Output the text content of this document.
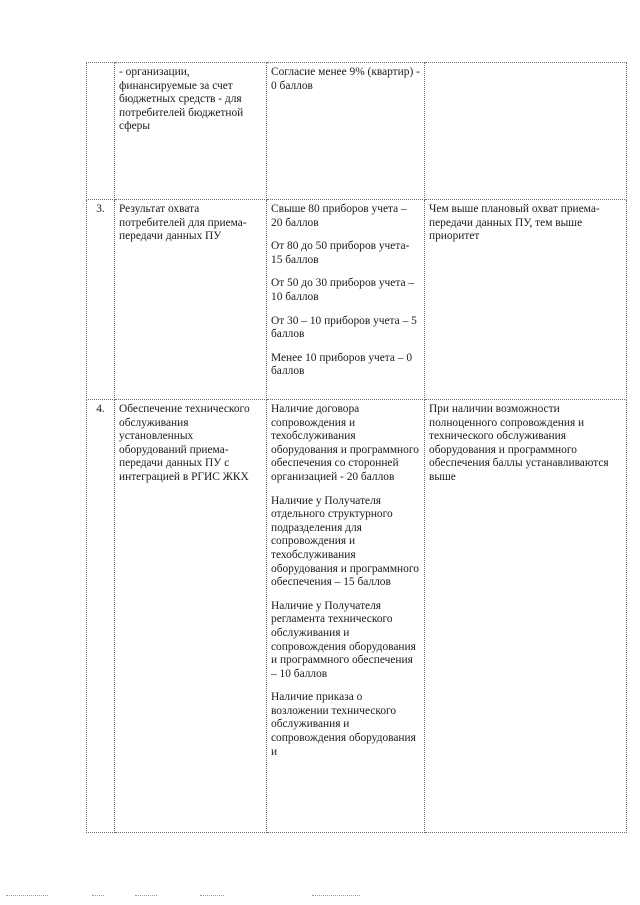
	- организации, финансируемые за счет бюджетных средств - для потребителей бюджетной сферы	Согласие менее 9% (квартир) - 0 баллов	

3.	Результат охвата потребителей для приема-передачи данных ПУ	Свыше 80 приборов учета – 20 баллов
От 80 до 50 приборов учета- 15 баллов
От 50 до 30 приборов учета – 10 баллов
От 30 – 10 приборов учета – 5 баллов
Менее 10 приборов учета – 0 баллов	Чем выше плановый охват приема-передачи данных ПУ, тем выше приоритет
4.	Обеспечение технического обслуживания установленных оборудований приема-передачи данных ПУ с интеграцией в РГИС ЖКХ	Наличие договора сопровождения и техобслуживания оборудования и программного обеспечения со сторонней организацией - 20 баллов
Наличие у Получателя отдельного структурного подразделения для сопровождения и техобслуживания оборудования и программного обеспечения – 15 баллов
Наличие у Получателя регламента технического обслуживания и сопровождения оборудования и программного обеспечения – 10 баллов
Наличие приказа о возложении технического обслуживания и сопровождения оборудования и	При наличии возможности полноценного сопровождения и технического обслуживания оборудования и программного обеспечения баллы устанавливаются выше
